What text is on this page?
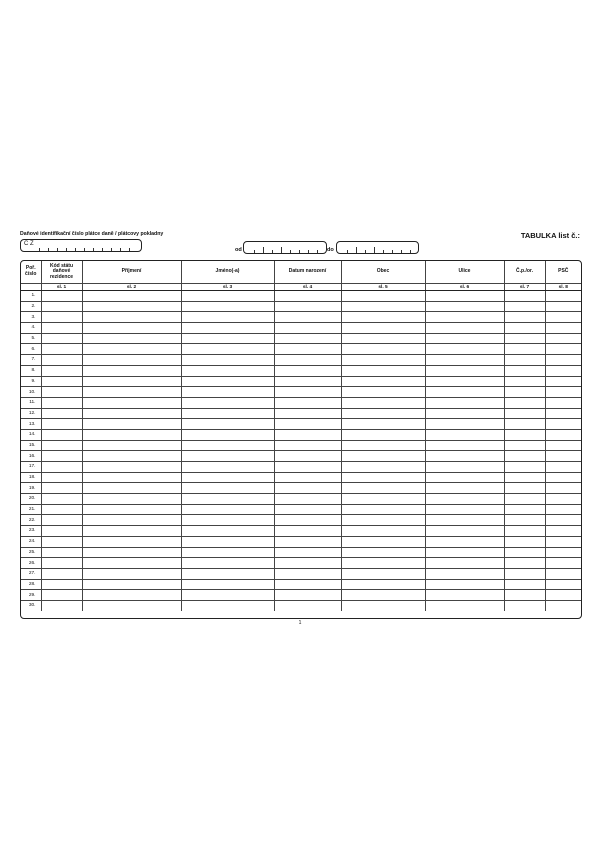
Daňové identifikační číslo plátce daně / plátcovy pokladny
C Z
od	do
TABULKA list č.:
Poř. číslo	Kód státu daňové rezidence	Příjmení	Jméno(-a)	Datum narození	Obec	Ulice	Č.p./or.	PSČ
	sl. 1	sl. 2	sl. 3	sl. 4	sl. 5	sl. 6	sl. 7	sl. 8
1.								
2.								
3.								
4.								
5.								
6.								
7.								
8.								
9.								
10.								
11.								
12.								
13.								
14.								
15.								
16.								
17.								
18.								
19.								
20.								
21.								
22.								
23.								
24.								
25.								
26.								
27.								
28.								
29.								
30.								
1
